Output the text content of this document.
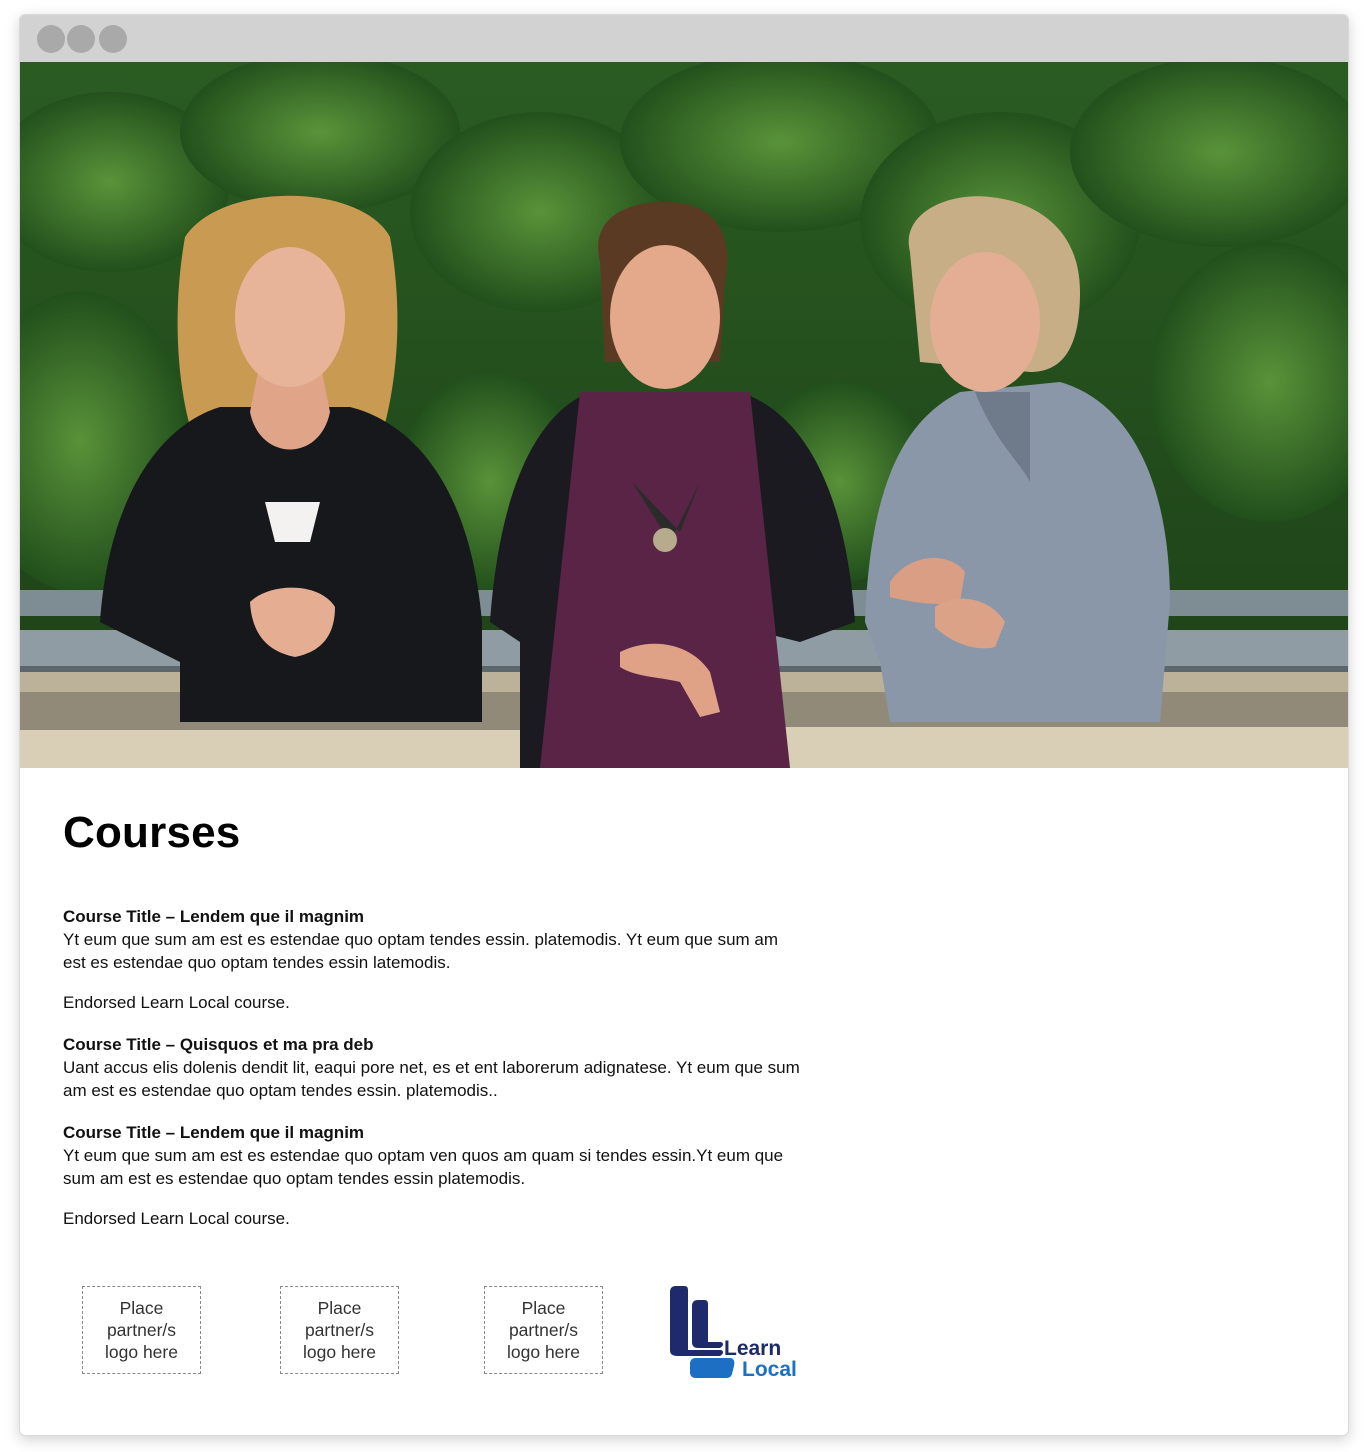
Courses
Course Title – Lendem que il magnim
Yt eum que sum am est es estendae quo optam tendes essin. platemodis. Yt eum que sum am est es estendae quo optam tendes essin latemodis.
Endorsed Learn Local course.
Course Title – Quisquos et ma pra deb
Uant accus elis dolenis dendit lit, eaqui pore net, es et ent laborerum adignatese. Yt eum que sum am est es estendae quo optam tendes essin. platemodis..
Course Title – Lendem que il magnim
Yt eum que sum am est es estendae quo optam ven quos am quam si tendes essin.Yt eum que sum am est es estendae quo optam tendes essin platemodis.
Endorsed Learn Local course.
Place
partner/s
logo here
Place
partner/s
logo here
Place
partner/s
logo here	Learn
Local
